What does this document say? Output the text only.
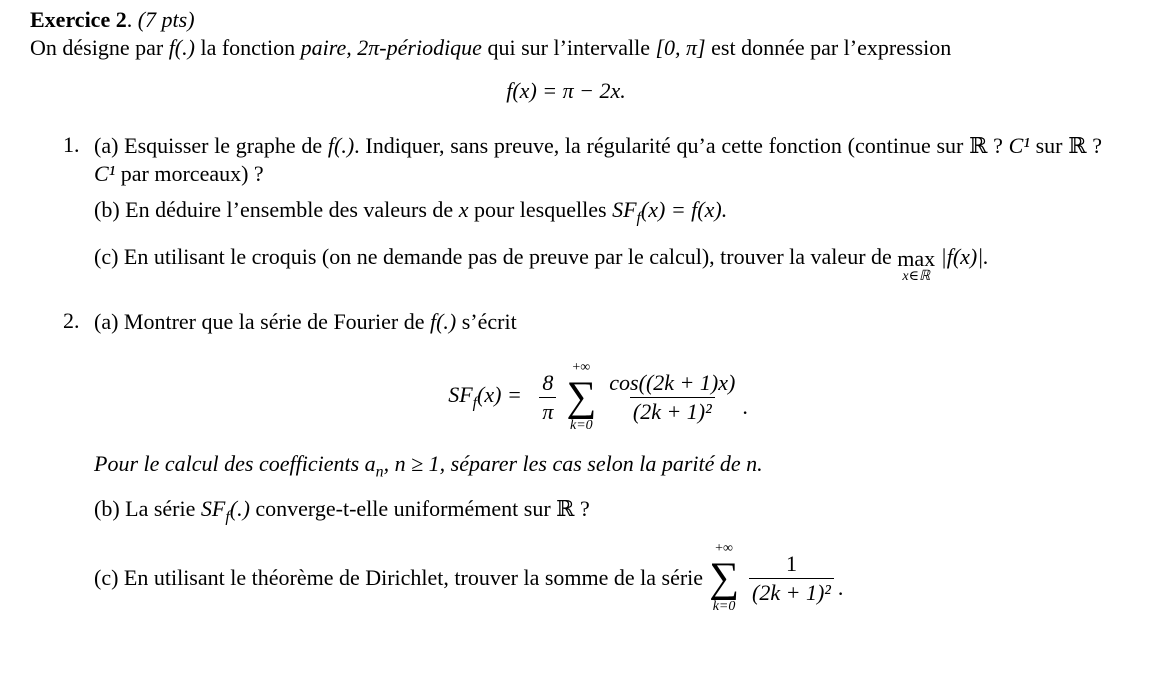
Exercice 2. (7 pts)

On désigne par f(.) la fonction paire, 2π-périodique qui sur l’intervalle [0, π] est donnée par l’expression

f(x) = π − 2x.
1. (a) Esquisser le graphe de f(.). Indiquer, sans preuve, la régularité qu’a cette fonction (continue sur ℝ ? C¹ sur ℝ ? C¹ par morceaux) ?

(b) En déduire l’ensemble des valeurs de x pour lesquelles $SF_f(x) = f(x)$.

(c) En utilisant le croquis (on ne demande pas de preuve par le calcul), trouver la valeur de max
x∈ℝ
|f(x)|.

2. (a) Montrer que la série de Fourier de f(.) s’écrit

$SF_f(x) = \frac{8}{\pi}$
+∞
∑
k=0
$\frac{\cos((2k + 1)x)}{\text{(2k + 1)²}}$ .

Pour le calcul des coefficients $a_n$, n ≥ 1, séparer les cas selon la parité de n.

(b) La série $SF_f(.)$ converge-t-elle uniformément sur ℝ ?

(c) En utilisant le théorème de Dirichlet, trouver la somme de la série
+∞
∑
k=0
$\frac{1}{\text{(2k + 1)²}}$ .
